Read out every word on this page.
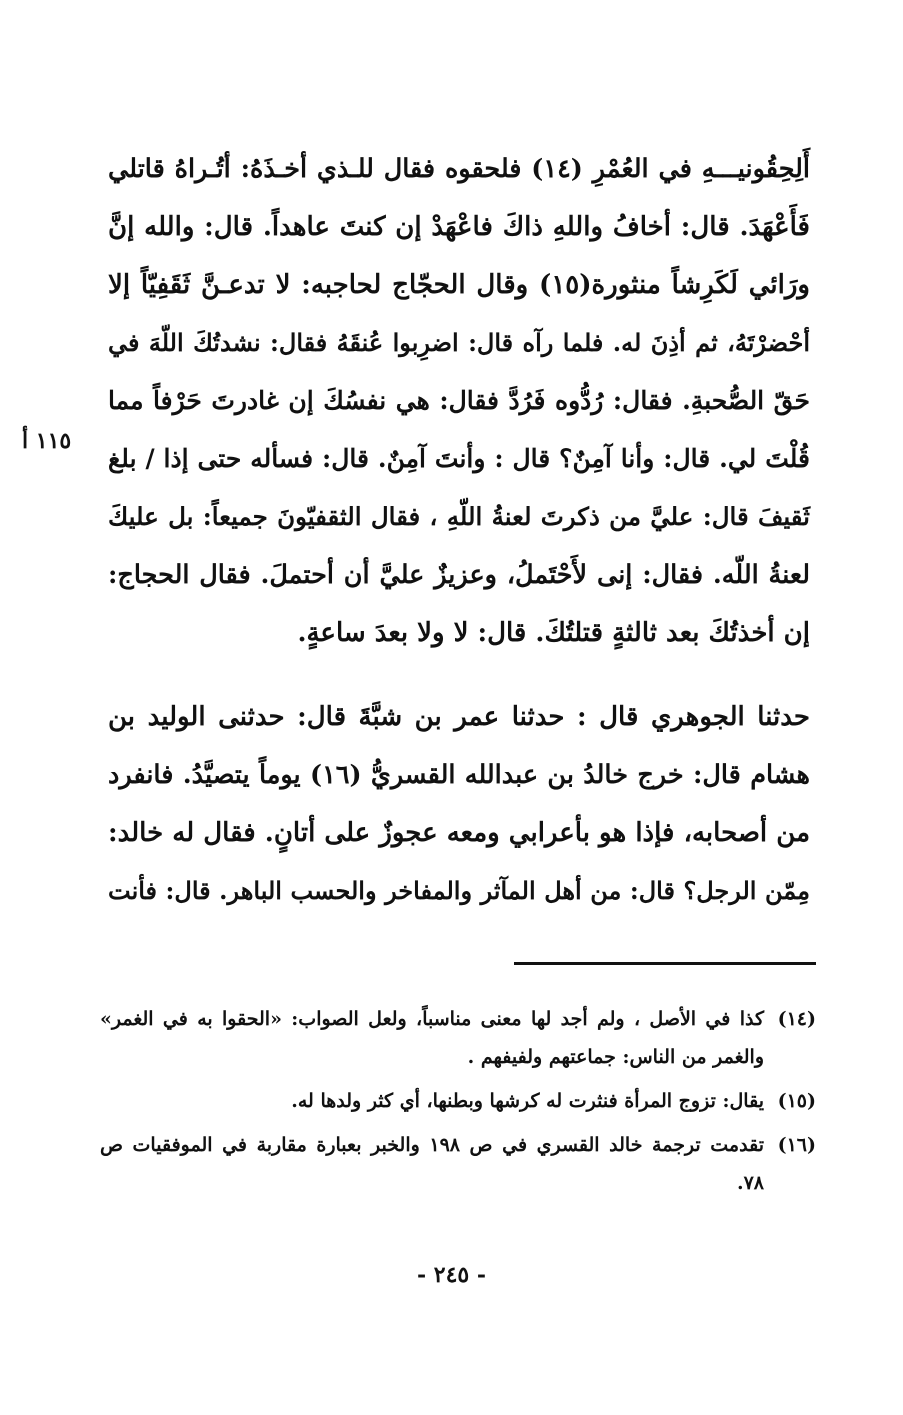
١١٥ أ
أَلِحِقُونيـــهِ في العُمْرِ (١٤) فلحقوه فقال للـذي أخـذَهُ: أتُـراهُ قاتلي
فَأَعْهَدَ. قال: أخافُ واللهِ ذاكَ فاعْهَدْ إن كنتَ عاهداً. قال: والله إنَّ
ورَائي لَكَرِشاً منثورة(١٥) وقال الحجّاج لحاجبه: لا تدعـنَّ ثَقَفِيّاً إلا
أحْضرْتَهُ، ثم أذِنَ له. فلما رآه قال: اضرِبوا عُنقَهُ فقال: نشدتُكَ اللّهَ في
حَقّ الصُّحبةِ. فقال: رُدُّوه فَرُدَّ فقال: هي نفسُكَ إن غادرتَ حَرْفاً مما
قُلْتَ لي. قال: وأنا آمِنٌ؟ قال : وأنتَ آمِنٌ. قال: فسأله حتى إذا / بلغ
ثَقيفَ قال: عليَّ من ذكرتَ لعنةُ اللّهِ ، فقال الثقفيّونَ جميعاً: بل عليكَ
لعنةُ اللّه. فقال: إنى لأَحْتَملُ، وعزيزٌ عليَّ أن أحتملَ. فقال الحجاج:
إن أخذتُكَ بعد ثالثةٍ قتلتُكَ. قال: لا ولا بعدَ ساعةٍ.
حدثنا الجوهري قال : حدثنا عمر بن شبَّةَ قال: حدثنى الوليد بن
هشام قال: خرج خالدُ بن عبدالله القسريُّ (١٦) يوماً يتصيَّدُ. فانفرد
من أصحابه، فإذا هو بأعرابي ومعه عجوزٌ على أتانٍ. فقال له خالد:
مِمّن الرجل؟ قال: من أهل المآثر والمفاخر والحسب الباهر. قال: فأنت
(١٤)
كذا في الأصل ، ولم أجد لها معنى مناسباً، ولعل الصواب: «الحقوا به في الغمر»
والغمر من الناس: جماعتهم ولفيفهم .
(١٥)
يقال: تزوج المرأة فنثرت له كرشها وبطنها، أي كثر ولدها له.
(١٦)
تقدمت ترجمة خالد القسري في ص ١٩٨ والخبر بعبارة مقاربة في الموفقيات ص
٧٨.
- ٢٤٥ -
